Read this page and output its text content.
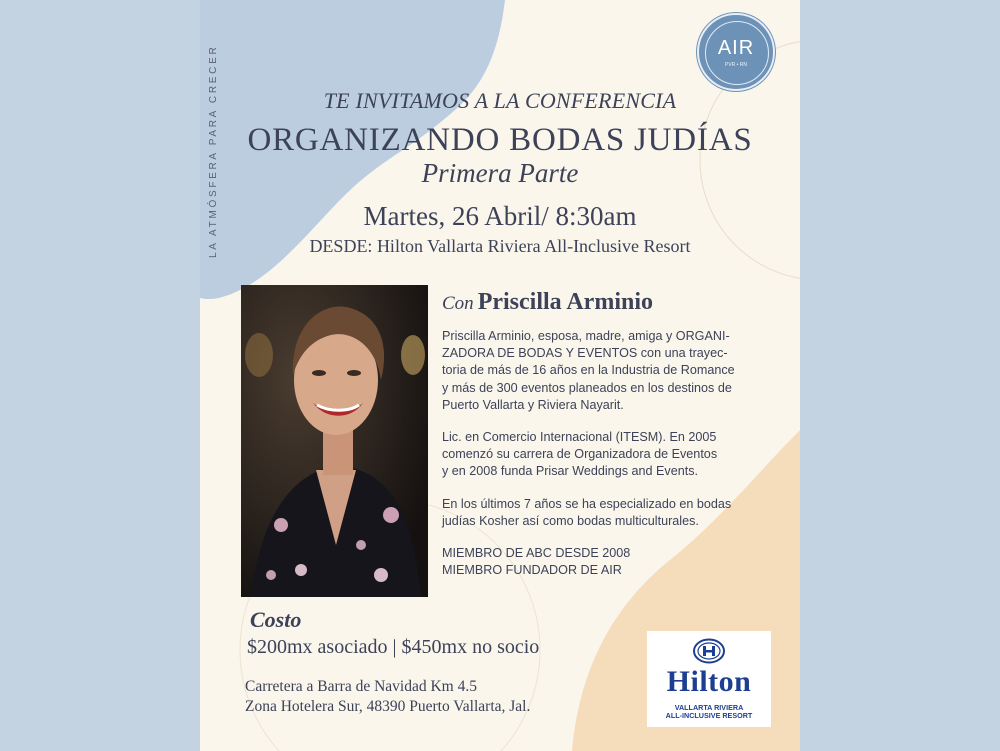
LA ATMÓSFERA PARA CRECER	AIR
PVR • RN
TE INVITAMOS A LA CONFERENCIA
ORGANIZANDO BODAS JUDÍAS
Primera Parte
Martes, 26 Abril/ 8:30am
DESDE: Hilton Vallarta Riviera All-Inclusive Resort
Con Priscilla Arminio

Priscilla Arminio, esposa, madre, amiga y ORGANI-
ZADORA DE BODAS Y EVENTOS con una trayec-
toria de más de 16 años en la Industria de Romance
y más de 300 eventos planeados en los destinos de
Puerto Vallarta y Riviera Nayarit.

Lic. en Comercio Internacional (ITESM). En 2005
comenzó su carrera de Organizadora de Eventos
y en 2008 funda Prisar Weddings and Events.

En los últimos 7 años se ha especializado en bodas
judías Kosher así como bodas multiculturales.

MIEMBRO DE ABC DESDE 2008
MIEMBRO FUNDADOR DE AIR

Costo
$200mx asociado | $450mx no socio
Carretera a Barra de Navidad Km 4.5
Zona Hotelera Sur, 48390 Puerto Vallarta, Jal.
Hilton
VALLARTA RIVIERA
ALL-INCLUSIVE RESORT
